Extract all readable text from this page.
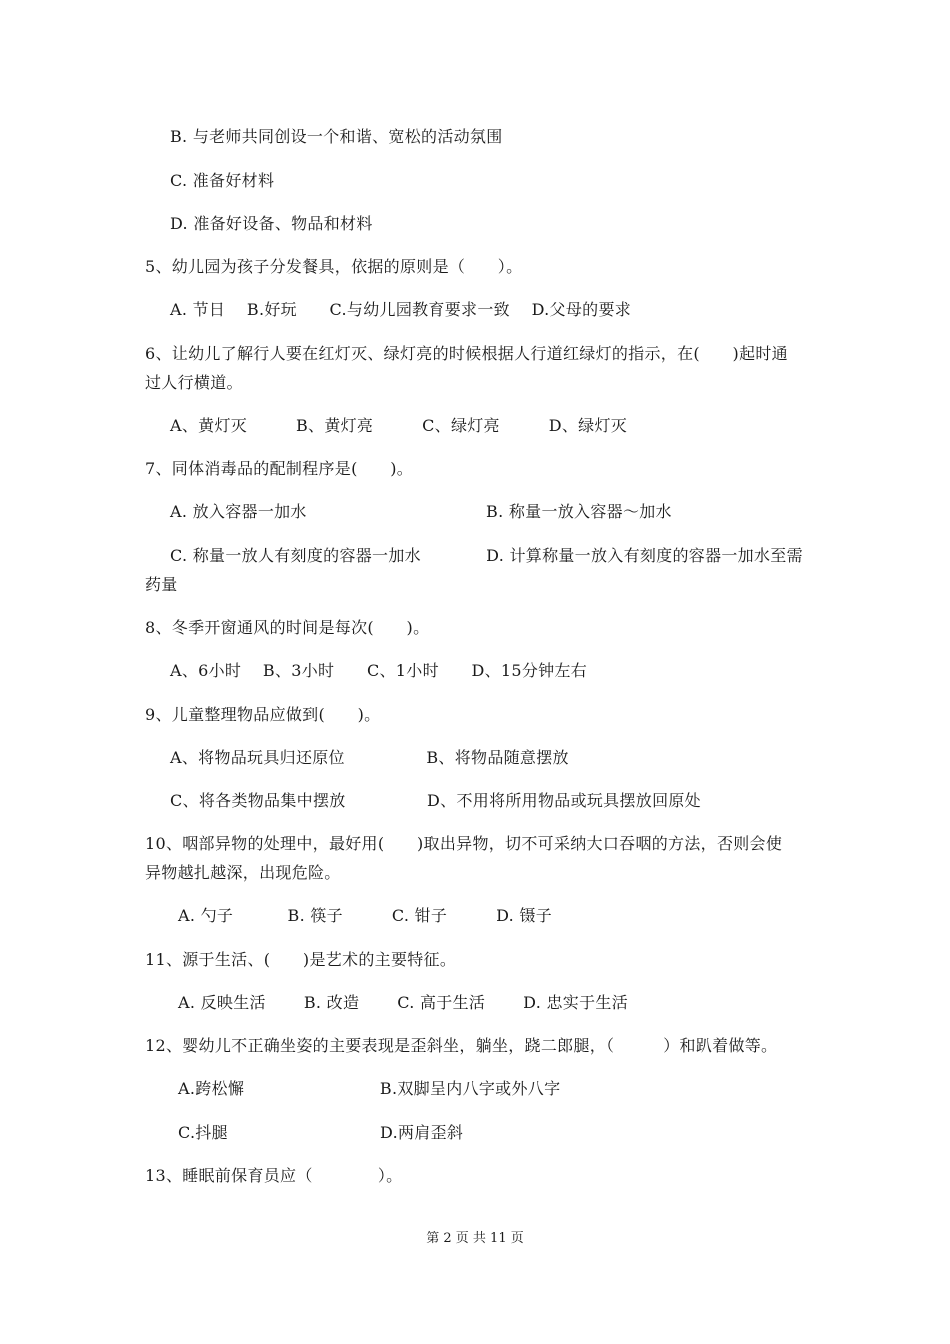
B. 与老师共同创设一个和谐、宽松的活动氛围
C. 准备好材料
D. 准备好设备、物品和材料
5、幼儿园为孩子分发餐具，依据的原则是（　　）。
A. 节日　 B.好玩　　C.与幼儿园教育要求一致　 D.父母的要求
6、让幼儿了解行人要在红灯灭、绿灯亮的时候根据人行道红绿灯的指示，在(　　)起时通
过人行横道。
A、黄灯灭　　　B、黄灯亮　　　C、绿灯亮　　　D、绿灯灭
7、同体消毒品的配制程序是(　　)。
A. 放入容器一加水　　　　　　　　　　　B. 称量一放入容器～加水
C. 称量一放人有刻度的容器一加水　　　　D. 计算称量一放入有刻度的容器一加水至需
药量
8、冬季开窗通风的时间是每次(　　)。
A、6小时　 B、3小时　　C、1小时　　D、15分钟左右
9、儿童整理物品应做到(　　)。
A、将物品玩具归还原位　　　　　B、将物品随意摆放
C、将各类物品集中摆放　　　　　D、不用将所用物品或玩具摆放回原处
10、咽部异物的处理中，最好用(　　)取出异物，切不可采纳大口吞咽的方法，否则会使
异物越扎越深，出现危险。
A. 勺子　　　 B. 筷子　　　C. 钳子　　　D. 镊子
11、源于生活、(　　)是艺术的主要特征。
A. 反映生活　　 B. 改造　　 C. 高于生活　　 D. 忠实于生活
12、婴幼儿不正确坐姿的主要表现是歪斜坐，躺坐，跷二郎腿，（　　　）和趴着做等。
A.跨松懈　　　　　　　　 B.双脚呈内八字或外八字
C.抖腿　　　　　　　　　 D.两肩歪斜
13、睡眠前保育员应（　　　　）。
第 2 页 共 11 页
